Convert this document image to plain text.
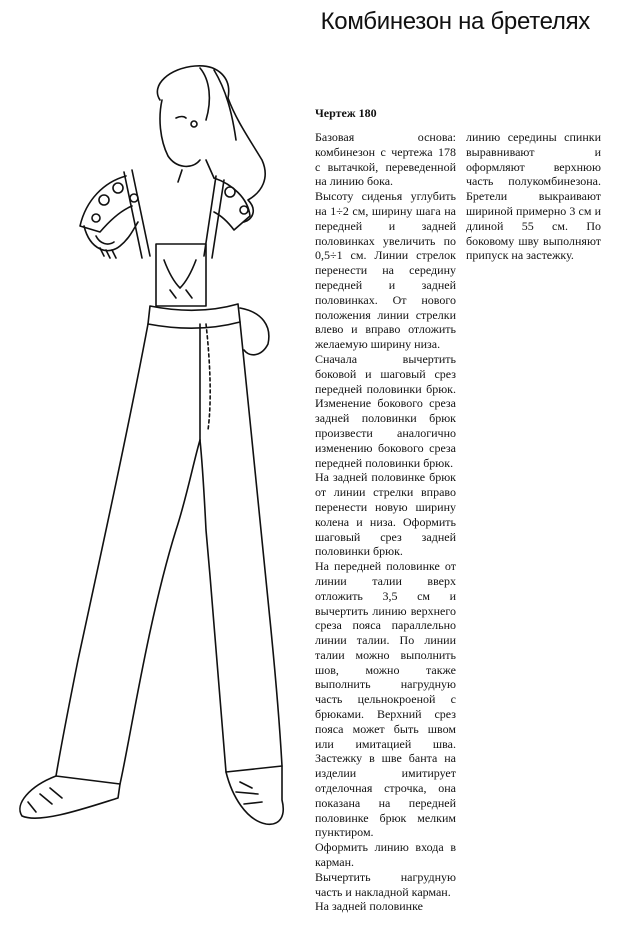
Комбинезон на бретелях
Чертеж 180

Базовая основа: комбинезон с чертежа 178 с вытачкой, переведенной на линию бока.

Высоту сиденья углубить на 1÷2 см, ширину шага на передней и задней половинках увеличить по 0,5÷1 см. Линии стрелок перенести на середину передней и задней половинках. От нового положения линии стрелки влево и вправо отложить желаемую ширину низа.

Сначала вычертить боковой и шаговый срез передней половинки брюк. Изменение бокового среза задней половинки брюк произвести аналогично изменению бокового среза передней половинки брюк.

На задней половинке брюк от линии стрелки вправо перенести новую ширину колена и низа. Оформить шаговый срез задней половинки брюк.

На передней половинке от линии талии вверх отложить 3,5 см и вычертить линию верхнего среза пояса параллельно линии талии. По линии талии можно выполнить шов, можно также выполнить нагрудную часть цельнокроеной с брюками. Верхний срез пояса может быть швом или имитацией шва. Застежку в шве банта на изделии имитирует отделочная строчка, она показана на передней половинке брюк мелким пунктиром.

Оформить линию входа в карман.

Вычертить нагрудную часть и накладной карман.

На задней половинке

линию середины спинки выравнивают и оформляют верхнюю часть полукомбинезона. Бретели выкраивают шириной примерно 3 см и длиной 55 см. По боковому шву выполняют припуск на застежку.
